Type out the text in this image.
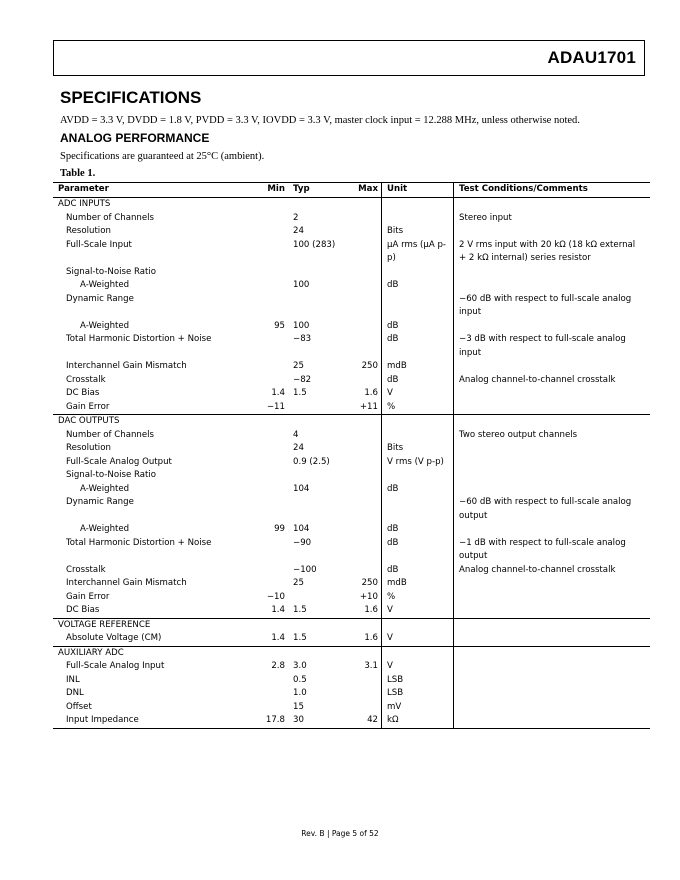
ADAU1701
SPECIFICATIONS
AVDD = 3.3 V, DVDD = 1.8 V, PVDD = 3.3 V, IOVDD = 3.3 V, master clock input = 12.288 MHz, unless otherwise noted.
ANALOG PERFORMANCE
Specifications are guaranteed at 25°C (ambient).
Table 1.
Parameter	Min	Typ	Max	Unit	Test Conditions/Comments
ADC INPUTS					
Number of Channels		2			Stereo input
Resolution		24		Bits	
Full-Scale Input		100 (283)		µA rms (µA p-p)	2 V rms input with 20 kΩ (18 kΩ external + 2 kΩ internal) series resistor
Signal-to-Noise Ratio					
A-Weighted		100		dB	
Dynamic Range					−60 dB with respect to full-scale analog input
A-Weighted	95	100		dB	
Total Harmonic Distortion + Noise		−83		dB	−3 dB with respect to full-scale analog input
Interchannel Gain Mismatch		25	250	mdB	
Crosstalk		−82		dB	Analog channel-to-channel crosstalk
DC Bias	1.4	1.5	1.6	V	
Gain Error	−11		+11	%	
DAC OUTPUTS					
Number of Channels		4			Two stereo output channels
Resolution		24		Bits	
Full-Scale Analog Output		0.9 (2.5)		V rms (V p-p)	
Signal-to-Noise Ratio					
A-Weighted		104		dB	
Dynamic Range					−60 dB with respect to full-scale analog output
A-Weighted	99	104		dB	
Total Harmonic Distortion + Noise		−90		dB	−1 dB with respect to full-scale analog output
Crosstalk		−100		dB	Analog channel-to-channel crosstalk
Interchannel Gain Mismatch		25	250	mdB	
Gain Error	−10		+10	%	
DC Bias	1.4	1.5	1.6	V	
VOLTAGE REFERENCE					
Absolute Voltage (CM)	1.4	1.5	1.6	V	
AUXILIARY ADC					
Full-Scale Analog Input	2.8	3.0	3.1	V	
INL		0.5		LSB	
DNL		1.0		LSB	
Offset		15		mV	
Input Impedance	17.8	30	42	kΩ	
Rev. B | Page 5 of 52
